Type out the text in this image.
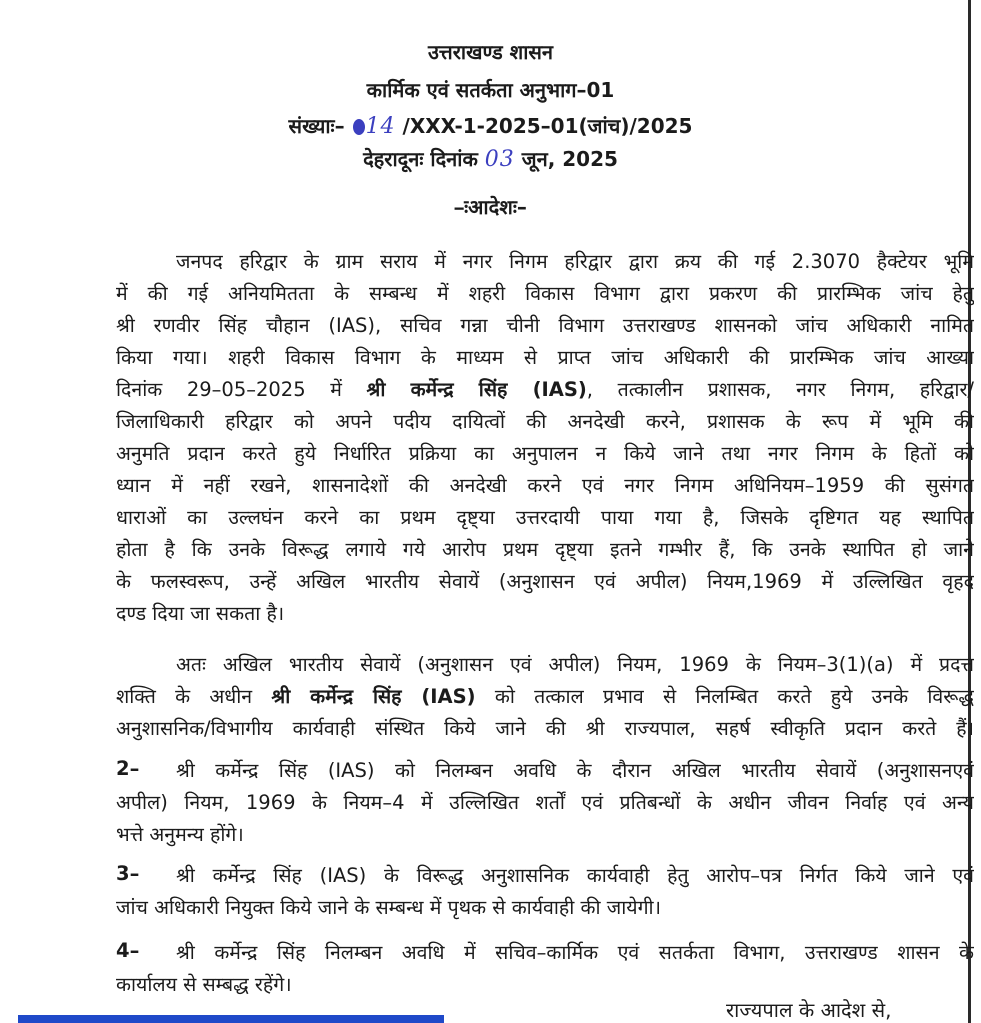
उत्तराखण्ड शासन
कार्मिक एवं सतर्कता अनुभाग–01
संख्याः– 14 /XXX-1-2025–01(जांच)/2025
देहरादूनः दिनांक 03 जून, 2025
–ःआदेशः–
जनपद हरिद्वार के ग्राम सराय में नगर निगम हरिद्वार द्वारा क्रय की गई 2.3070 हैक्टेयर भूमि
में की गई अनियमितता के सम्बन्ध में शहरी विकास विभाग द्वारा प्रकरण की प्रारम्भिक जांच हेतु
श्री रणवीर सिंह चौहान (IAS), सचिव गन्ना चीनी विभाग उत्तराखण्ड शासनको जांच अधिकारी नामित
किया गया। शहरी विकास विभाग के माध्यम से प्राप्त जांच अधिकारी की प्रारम्भिक जांच आख्या
दिनांक 29–05–2025 में श्री कर्मेन्द्र सिंह (IAS), तत्कालीन प्रशासक, नगर निगम, हरिद्वार/
जिलाधिकारी हरिद्वार को अपने पदीय दायित्वों की अनदेखी करने, प्रशासक के रूप में भूमि की
अनुमति प्रदान करते हुये निर्धारित प्रक्रिया का अनुपालन न किये जाने तथा नगर निगम के हितों को
ध्यान में नहीं रखने, शासनादेशों की अनदेखी करने एवं नगर निगम अधिनियम–1959 की सुसंगत
धाराओं का उल्लघंन करने का प्रथम दृष्ट्या उत्तरदायी पाया गया है, जिसके दृष्टिगत यह स्थापित
होता है कि उनके विरूद्ध लगाये गये आरोप प्रथम दृष्ट्या इतने गम्भीर हैं, कि उनके स्थापित हो जाने
के फलस्वरूप, उन्हें अखिल भारतीय सेवायें (अनुशासन एवं अपील) नियम,1969 में उल्लिखित वृहद
दण्ड दिया जा सकता है।
अतः अखिल भारतीय सेवायें (अनुशासन एवं अपील) नियम, 1969 के नियम–3(1)(a) में प्रदत्त
शक्ति के अधीन श्री कर्मेन्द्र सिंह (IAS) को तत्काल प्रभाव से निलम्बित करते हुये उनके विरूद्ध
अनुशासनिक/विभागीय कार्यवाही संस्थित किये जाने की श्री राज्यपाल, सहर्ष स्वीकृति प्रदान करते हैं।
2–	श्री कर्मेन्द्र सिंह (IAS) को निलम्बन अवधि के दौरान अखिल भारतीय सेवायें (अनुशासनएवं
अपील) नियम, 1969 के नियम–4 में उल्लिखित शर्तों एवं प्रतिबन्धों के अधीन जीवन निर्वाह एवं अन्य
भत्ते अनुमन्य होंगे।
3–	श्री कर्मेन्द्र सिंह (IAS) के विरूद्ध अनुशासनिक कार्यवाही हेतु आरोप–पत्र निर्गत किये जाने एवं
जांच अधिकारी नियुक्त किये जाने के सम्बन्ध में पृथक से कार्यवाही की जायेगी।
4–	श्री कर्मेन्द्र सिंह निलम्बन अवधि में सचिव–कार्मिक एवं सतर्कता विभाग, उत्तराखण्ड शासन के
कार्यालय से सम्बद्ध रहेंगे।
राज्यपाल के आदेश से,
